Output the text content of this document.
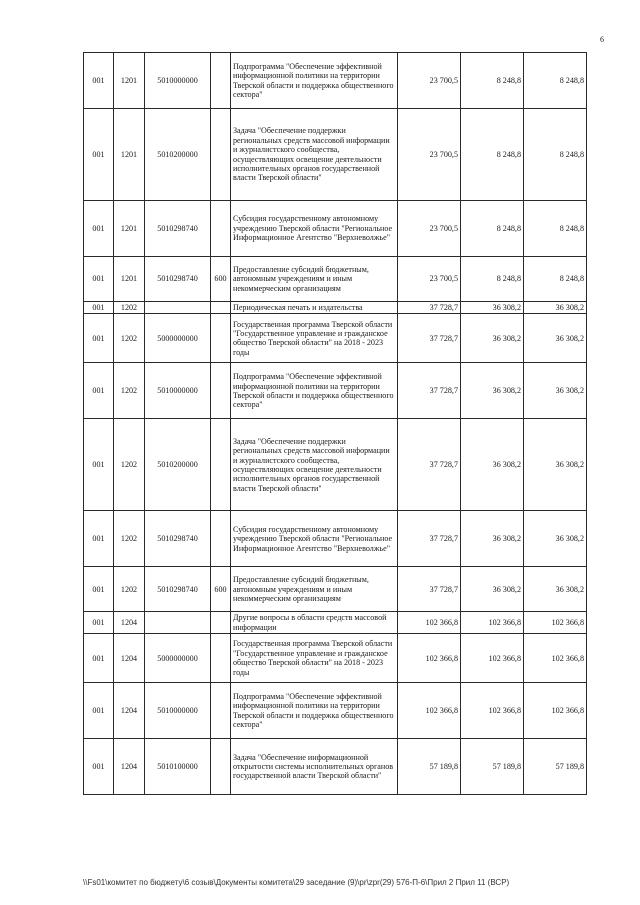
6
001	1201	5010000000		Подпрограмма "Обеспечение эффективной информационной политики на территории Тверской области и поддержка общественного сектора"	23 700,5	8 248,8	8 248,8
001	1201	5010200000		Задача "Обеспечение поддержки региональных средств массовой информации и журналистского сообщества, осуществляющих освещение деятельности исполнительных органов государственной власти Тверской области"	23 700,5	8 248,8	8 248,8
001	1201	5010298740		Субсидия государственному автономному учреждению Тверской области "Региональное Информационное Агентство "Верхневолжье"	23 700,5	8 248,8	8 248,8
001	1201	5010298740	600	Предоставление субсидий бюджетным, автономным учреждениям и иным некоммерческим организациям	23 700,5	8 248,8	8 248,8
001	1202			Периодическая печать и издательства	37 728,7	36 308,2	36 308,2
001	1202	5000000000		Государственная программа Тверской области "Государственное управление и гражданское общество Тверской области" на 2018 - 2023 годы	37 728,7	36 308,2	36 308,2
001	1202	5010000000		Подпрограмма "Обеспечение эффективной информационной политики на территории Тверской области и поддержка общественного сектора"	37 728,7	36 308,2	36 308,2
001	1202	5010200000		Задача "Обеспечение поддержки региональных средств массовой информации и журналистского сообщества, осуществляющих освещение деятельности исполнительных органов государственной власти Тверской области"	37 728,7	36 308,2	36 308,2
001	1202	5010298740		Субсидия государственному автономному учреждению Тверской области "Региональное Информационное Агентство "Верхневолжье"	37 728,7	36 308,2	36 308,2
001	1202	5010298740	600	Предоставление субсидий бюджетным, автономным учреждениям и иным некоммерческим организациям	37 728,7	36 308,2	36 308,2
001	1204			Другие вопросы в области средств массовой информации	102 366,8	102 366,8	102 366,8
001	1204	5000000000		Государственная программа Тверской области "Государственное управление и гражданское общество Тверской области" на 2018 - 2023 годы	102 366,8	102 366,8	102 366,8
001	1204	5010000000		Подпрограмма "Обеспечение эффективной информационной политики на территории Тверской области и поддержка общественного сектора"	102 366,8	102 366,8	102 366,8
001	1204	5010100000		Задача "Обеспечение информационной открытости системы исполнительных органов государственной власти Тверской области"	57 189,8	57 189,8	57 189,8
\\Fs01\комитет по бюджету\6 созыв\Документы комитета\29 заседание (9)\pr\zpr(29) 576-П-6\Прил 2 Прил 11 (ВСР)
